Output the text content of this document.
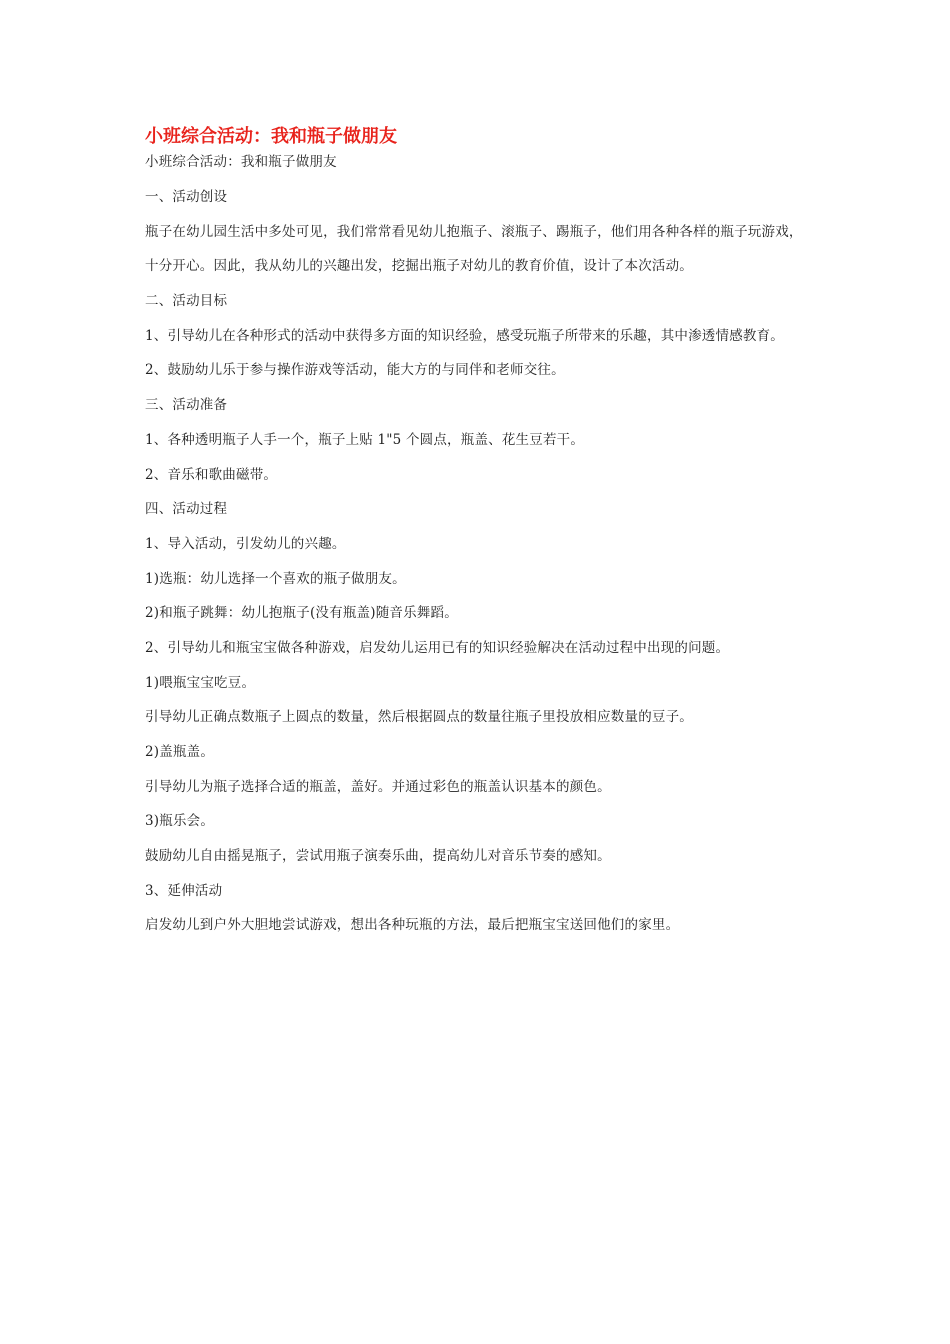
小班综合活动：我和瓶子做朋友

小班综合活动：我和瓶子做朋友

一、活动创设

瓶子在幼儿园生活中多处可见，我们常常看见幼儿抱瓶子、滚瓶子、踢瓶子，他们用各种各样的瓶子玩游戏，

十分开心。因此，我从幼儿的兴趣出发，挖掘出瓶子对幼儿的教育价值，设计了本次活动。

二、活动目标

1、引导幼儿在各种形式的活动中获得多方面的知识经验，感受玩瓶子所带来的乐趣，其中渗透情感教育。

2、鼓励幼儿乐于参与操作游戏等活动，能大方的与同伴和老师交往。

三、活动准备

1、各种透明瓶子人手一个，瓶子上贴 1"5 个圆点，瓶盖、花生豆若干。

2、音乐和歌曲磁带。

四、活动过程

1、导入活动，引发幼儿的兴趣。

1)选瓶：幼儿选择一个喜欢的瓶子做朋友。

2)和瓶子跳舞：幼儿抱瓶子(没有瓶盖)随音乐舞蹈。

2、引导幼儿和瓶宝宝做各种游戏，启发幼儿运用已有的知识经验解决在活动过程中出现的问题。

1)喂瓶宝宝吃豆。

引导幼儿正确点数瓶子上圆点的数量，然后根据圆点的数量往瓶子里投放相应数量的豆子。

2)盖瓶盖。

引导幼儿为瓶子选择合适的瓶盖，盖好。并通过彩色的瓶盖认识基本的颜色。

3)瓶乐会。

鼓励幼儿自由摇晃瓶子，尝试用瓶子演奏乐曲，提高幼儿对音乐节奏的感知。

3、延伸活动

启发幼儿到户外大胆地尝试游戏，想出各种玩瓶的方法，最后把瓶宝宝送回他们的家里。
